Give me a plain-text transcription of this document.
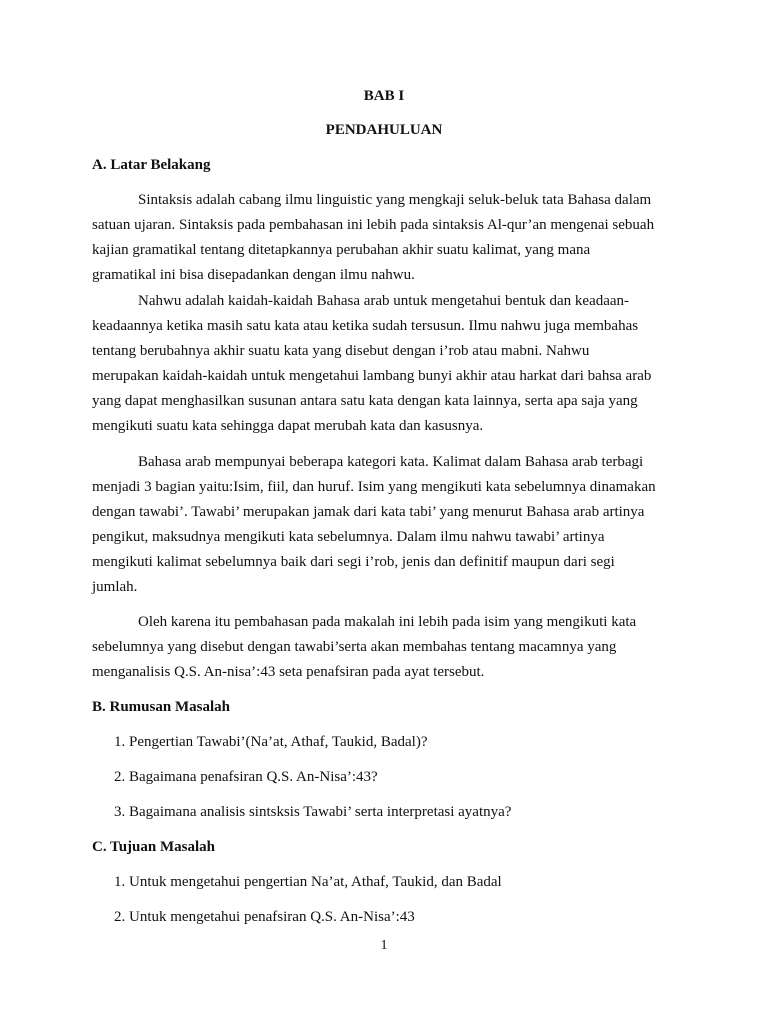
BAB I
PENDAHULUAN
A. Latar Belakang
Sintaksis adalah cabang ilmu linguistic yang mengkaji seluk-beluk tata Bahasa dalam
satuan ujaran. Sintaksis pada pembahasan ini lebih pada sintaksis Al-qur’an mengenai sebuah
kajian gramatikal tentang ditetapkannya perubahan akhir suatu kalimat, yang mana
gramatikal ini bisa disepadankan dengan ilmu nahwu.
Nahwu adalah kaidah-kaidah Bahasa arab untuk mengetahui bentuk dan keadaan-
keadaannya ketika masih satu kata atau ketika sudah tersusun. Ilmu nahwu juga membahas
tentang berubahnya akhir suatu kata yang disebut dengan i’rob atau mabni. Nahwu
merupakan kaidah-kaidah untuk mengetahui lambang bunyi akhir atau harkat dari bahsa arab
yang dapat menghasilkan susunan antara satu kata dengan kata lainnya, serta apa saja yang
mengikuti suatu kata sehingga dapat merubah kata dan kasusnya.
Bahasa arab mempunyai beberapa kategori kata. Kalimat dalam Bahasa arab terbagi
menjadi 3 bagian yaitu:Isim, fiil, dan huruf. Isim yang mengikuti kata sebelumnya dinamakan
dengan tawabi’. Tawabi’ merupakan jamak dari kata tabi’ yang menurut Bahasa arab artinya
pengikut, maksudnya mengikuti kata sebelumnya. Dalam ilmu nahwu tawabi’ artinya
mengikuti kalimat sebelumnya baik dari segi i’rob, jenis dan definitif maupun dari segi
jumlah.
Oleh karena itu pembahasan pada makalah ini lebih pada isim yang mengikuti kata
sebelumnya yang disebut dengan tawabi’serta akan membahas tentang macamnya yang
menganalisis Q.S. An-nisa’:43 seta penafsiran pada ayat tersebut.
B. Rumusan Masalah
1. Pengertian Tawabi’(Na’at, Athaf, Taukid, Badal)?
2. Bagaimana penafsiran Q.S. An-Nisa’:43?
3. Bagaimana analisis sintsksis Tawabi’ serta interpretasi ayatnya?
C. Tujuan Masalah
1. Untuk mengetahui pengertian Na’at, Athaf, Taukid, dan Badal
2. Untuk mengetahui penafsiran Q.S. An-Nisa’:43
1
